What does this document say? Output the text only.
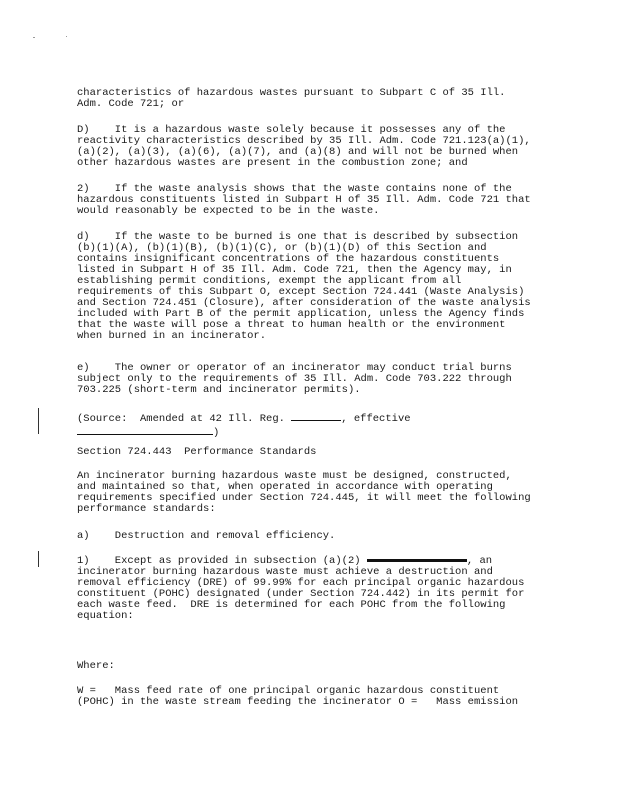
characteristics of hazardous wastes pursuant to Subpart C of 35 Ill.
Adm. Code 721; or

D)    It is a hazardous waste solely because it possesses any of the
reactivity characteristics described by 35 Ill. Adm. Code 721.123(a)(1),
(a)(2), (a)(3), (a)(6), (a)(7), and (a)(8) and will not be burned when
other hazardous wastes are present in the combustion zone; and

2)    If the waste analysis shows that the waste contains none of the
hazardous constituents listed in Subpart H of 35 Ill. Adm. Code 721 that
would reasonably be expected to be in the waste.

d)    If the waste to be burned is one that is described by subsection
(b)(1)(A), (b)(1)(B), (b)(1)(C), or (b)(1)(D) of this Section and
contains insignificant concentrations of the hazardous constituents
listed in Subpart H of 35 Ill. Adm. Code 721, then the Agency may, in
establishing permit conditions, exempt the applicant from all
requirements of this Subpart O, except Section 724.441 (Waste Analysis)
and Section 724.451 (Closure), after consideration of the waste analysis
included with Part B of the permit application, unless the Agency finds
that the waste will pose a threat to human health or the environment
when burned in an incinerator.

e)    The owner or operator of an incinerator may conduct trial burns
subject only to the requirements of 35 Ill. Adm. Code 703.222 through
703.225 (short-term and incinerator permits).

(Source:  Amended at 42 Ill. Reg.	, effective
)

Section 724.443  Performance Standards

An incinerator burning hazardous waste must be designed, constructed,
and maintained so that, when operated in accordance with operating
requirements specified under Section 724.445, it will meet the following
performance standards:

a)    Destruction and removal efficiency.

1)    Except as provided in subsection (a)(2)	, an
incinerator burning hazardous waste must achieve a destruction and
removal efficiency (DRE) of 99.99% for each principal organic hazardous
constituent (POHC) designated (under Section 724.442) in its permit for
each waste feed.  DRE is determined for each POHC from the following
equation:

Where:

W =   Mass feed rate of one principal organic hazardous constituent
(POHC) in the waste stream feeding the incinerator O =   Mass emission
